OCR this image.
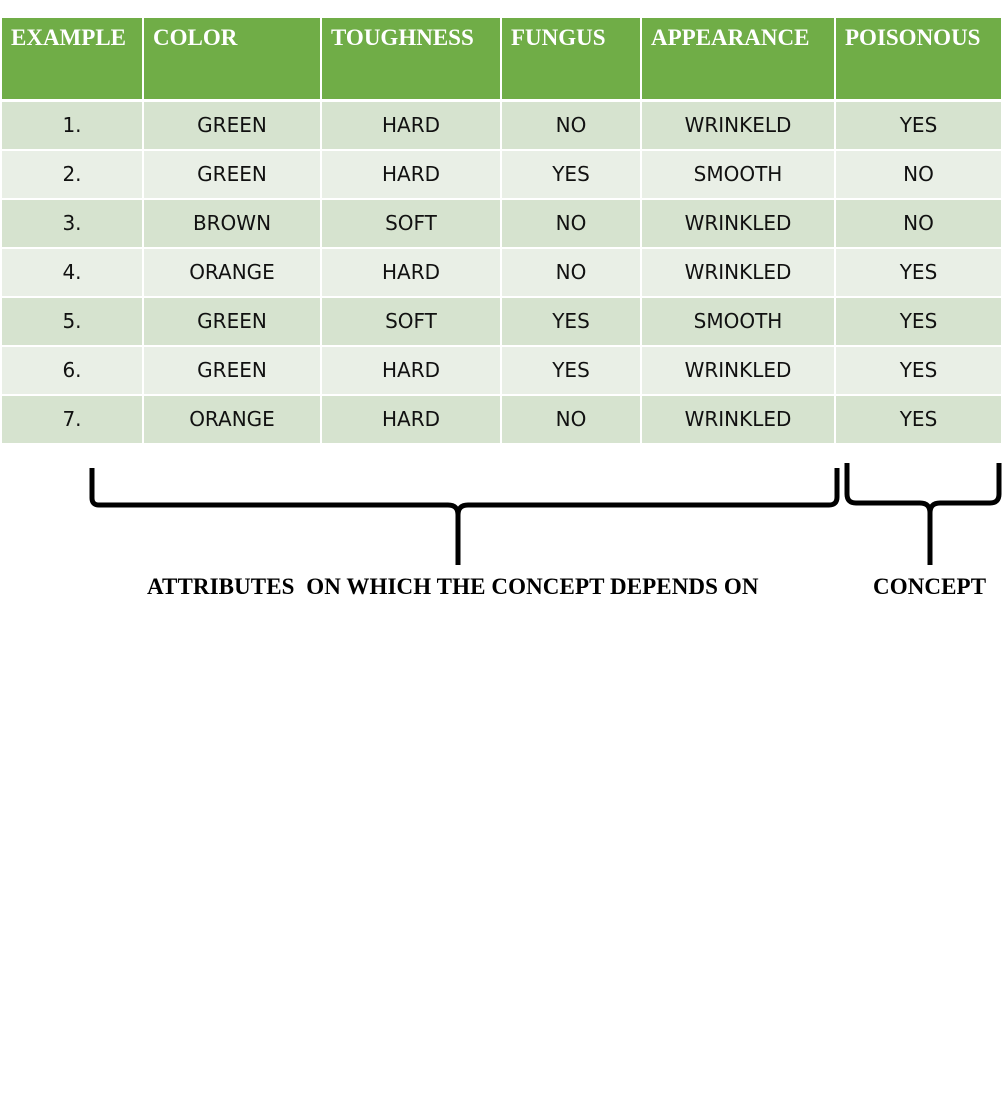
EXAMPLE	COLOR	TOUGHNESS	FUNGUS	APPEARANCE	POISONOUS
1.	GREEN	HARD	NO	WRINKELD	YES
2.	GREEN	HARD	YES	SMOOTH	NO
3.	BROWN	SOFT	NO	WRINKLED	NO
4.	ORANGE	HARD	NO	WRINKLED	YES
5.	GREEN	SOFT	YES	SMOOTH	YES
6.	GREEN	HARD	YES	WRINKLED	YES
7.	ORANGE	HARD	NO	WRINKLED	YES
ATTRIBUTES  ON WHICH THE CONCEPT DEPENDS ON	CONCEPT
